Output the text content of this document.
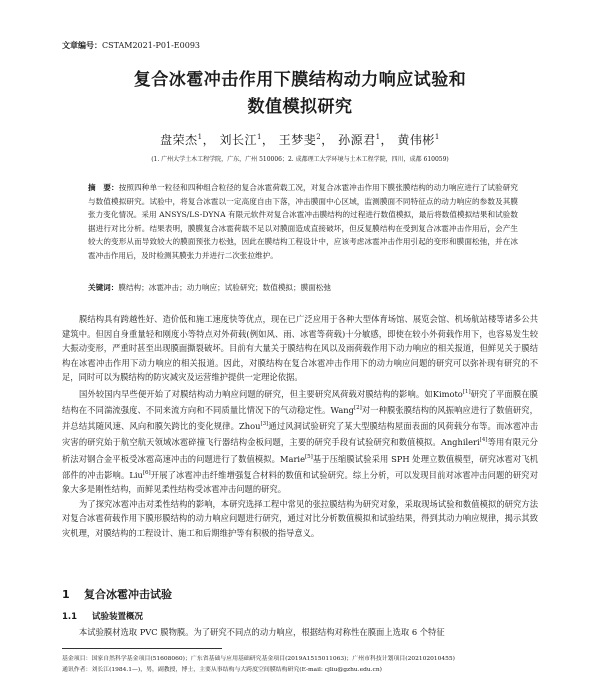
文章编号：CSTAM2021-P01-E0093
复合冰雹冲击作用下膜结构动力响应试验和
数值模拟研究
盘荣杰$^1$， 刘长江$^1$， 王梦斐$^2$， 孙源君$^1$， 黄伟彬$^1$
(1. 广州大学土木工程学院，广东，广州 510006；2. 成都理工大学环境与土木工程学院，四川，成都 610059)
摘　要：按照四种单一粒径和四种组合粒径的复合冰雹荷载工况，对复合冰雹冲击作用下膜张膜结构的动力响应进行了试验研究与数值模拟研究。试验中，将复合冰雹以一定高度自由下落，冲击膜面中心区域，监测膜面不同特征点的动力响应的参数及其膜张力变化情况。采用 ANSYS/LS-DYNA 有限元软件对复合冰雹冲击膜结构的过程进行数值模拟，最后将数值模拟结果和试验数据进行对比分析。结果表明，膜膜复合冰雹荷载不足以对膜面造成直接破坏，但反复膜结构在受到复合冰雹冲击作用后，会产生较大的变形从而导致较大的膜面预张力松弛，因此在膜结构工程设计中，应该考虑冰雹冲击作用引起的变形和膜面松弛，并在冰雹冲击作用后，及时检测其膜张力并进行二次张拉维护。
关键词：膜结构；冰雹冲击；动力响应；试验研究；数值模拟；膜面松弛

膜结构具有跨越性好、造价低和施工速度快等优点，现在已广泛应用于各种大型体育场馆、展览会馆、机场航站楼等诸多公共建筑中。但因自身重量轻和刚度小等特点对外荷载(例如风、雨、冰雹等荷载)十分敏感，即使在较小外荷载作用下，也容易发生较大振动变形，严重时甚至出现膜面撕裂破坏。目前有大量关于膜结构在风以及雨荷载作用下动力响应的相关报道，但鲜见关于膜结构在冰雹冲击作用下动力响应的相关报道。因此，对膜结构在复合冰雹冲击作用下的动力响应问题的研究可以弥补现有研究的不足，同时可以为膜结构的防灾减灾及运营维护提供一定理论依据。

国外较国内早些便开始了对膜结构动力响应问题的研究，但主要研究风荷载对膜结构的影响。如Kimoto[1]研究了平面膜在膜结构在不同湍流强度、不同来流方向和不同质量比情况下的气动稳定性。Wang[2]对一种膜张膜结构的风振响应进行了数值研究，并总结其随风速、风向和膜矢跨比的变化规律。Zhou[3]通过风洞试验研究了某大型膜结构屋面表面的风荷载分布等。而冰雹冲击灾害的研究始于航空航天领域冰雹碎撞飞行器结构金板问题，主要的研究手段有试验研究和数值模拟。Anghileri[4]等用有限元分析法对钢合金平板受冰雹高速冲击的问题进行了数值模拟。Marie[5]基于压缩膜试验采用 SPH 处理立数值模型，研究冰雹对飞机部件的冲击影响。Liu[6]开展了冰雹冲击纤维增强复合材料的数值和试验研究。综上分析，可以发现目前对冰雹冲击问题的研究对象大多是刚性结构，而鲜见柔性结构受冰雹冲击问题的研究。

为了探究冰雹冲击对柔性结构的影响，本研究选择工程中常见的张拉膜结构为研究对象，采取现场试验和数值模拟的研究方法对复合冰雹荷载作用下膜形膜结构的动力响应问题进行研究，通过对比分析数值模拟和试验结果，得到其动力响应规律，揭示其致灾机理，对膜结构的工程设计、施工和后期维护等有积极的指导意义。

1 复合冰雹冲击试验
1.1 试验装置概况
本试验膜材选取 PVC 膜物膜。为了研究不同点的动力响应，根据结构对称性在膜面上选取 6 个特征
基金项目：国家自然科学基金项目(51608060)；广东省基础与应用基础研究基金项目(2019A1515011063)；广州市科技计划项目(202102010455)
通讯作者：刘长江(1984.1—)，男，副教授，博士，主要从事结构与大跨度空间膜结构研究(E-mail: cjliu@gzhu.edu.cn)
